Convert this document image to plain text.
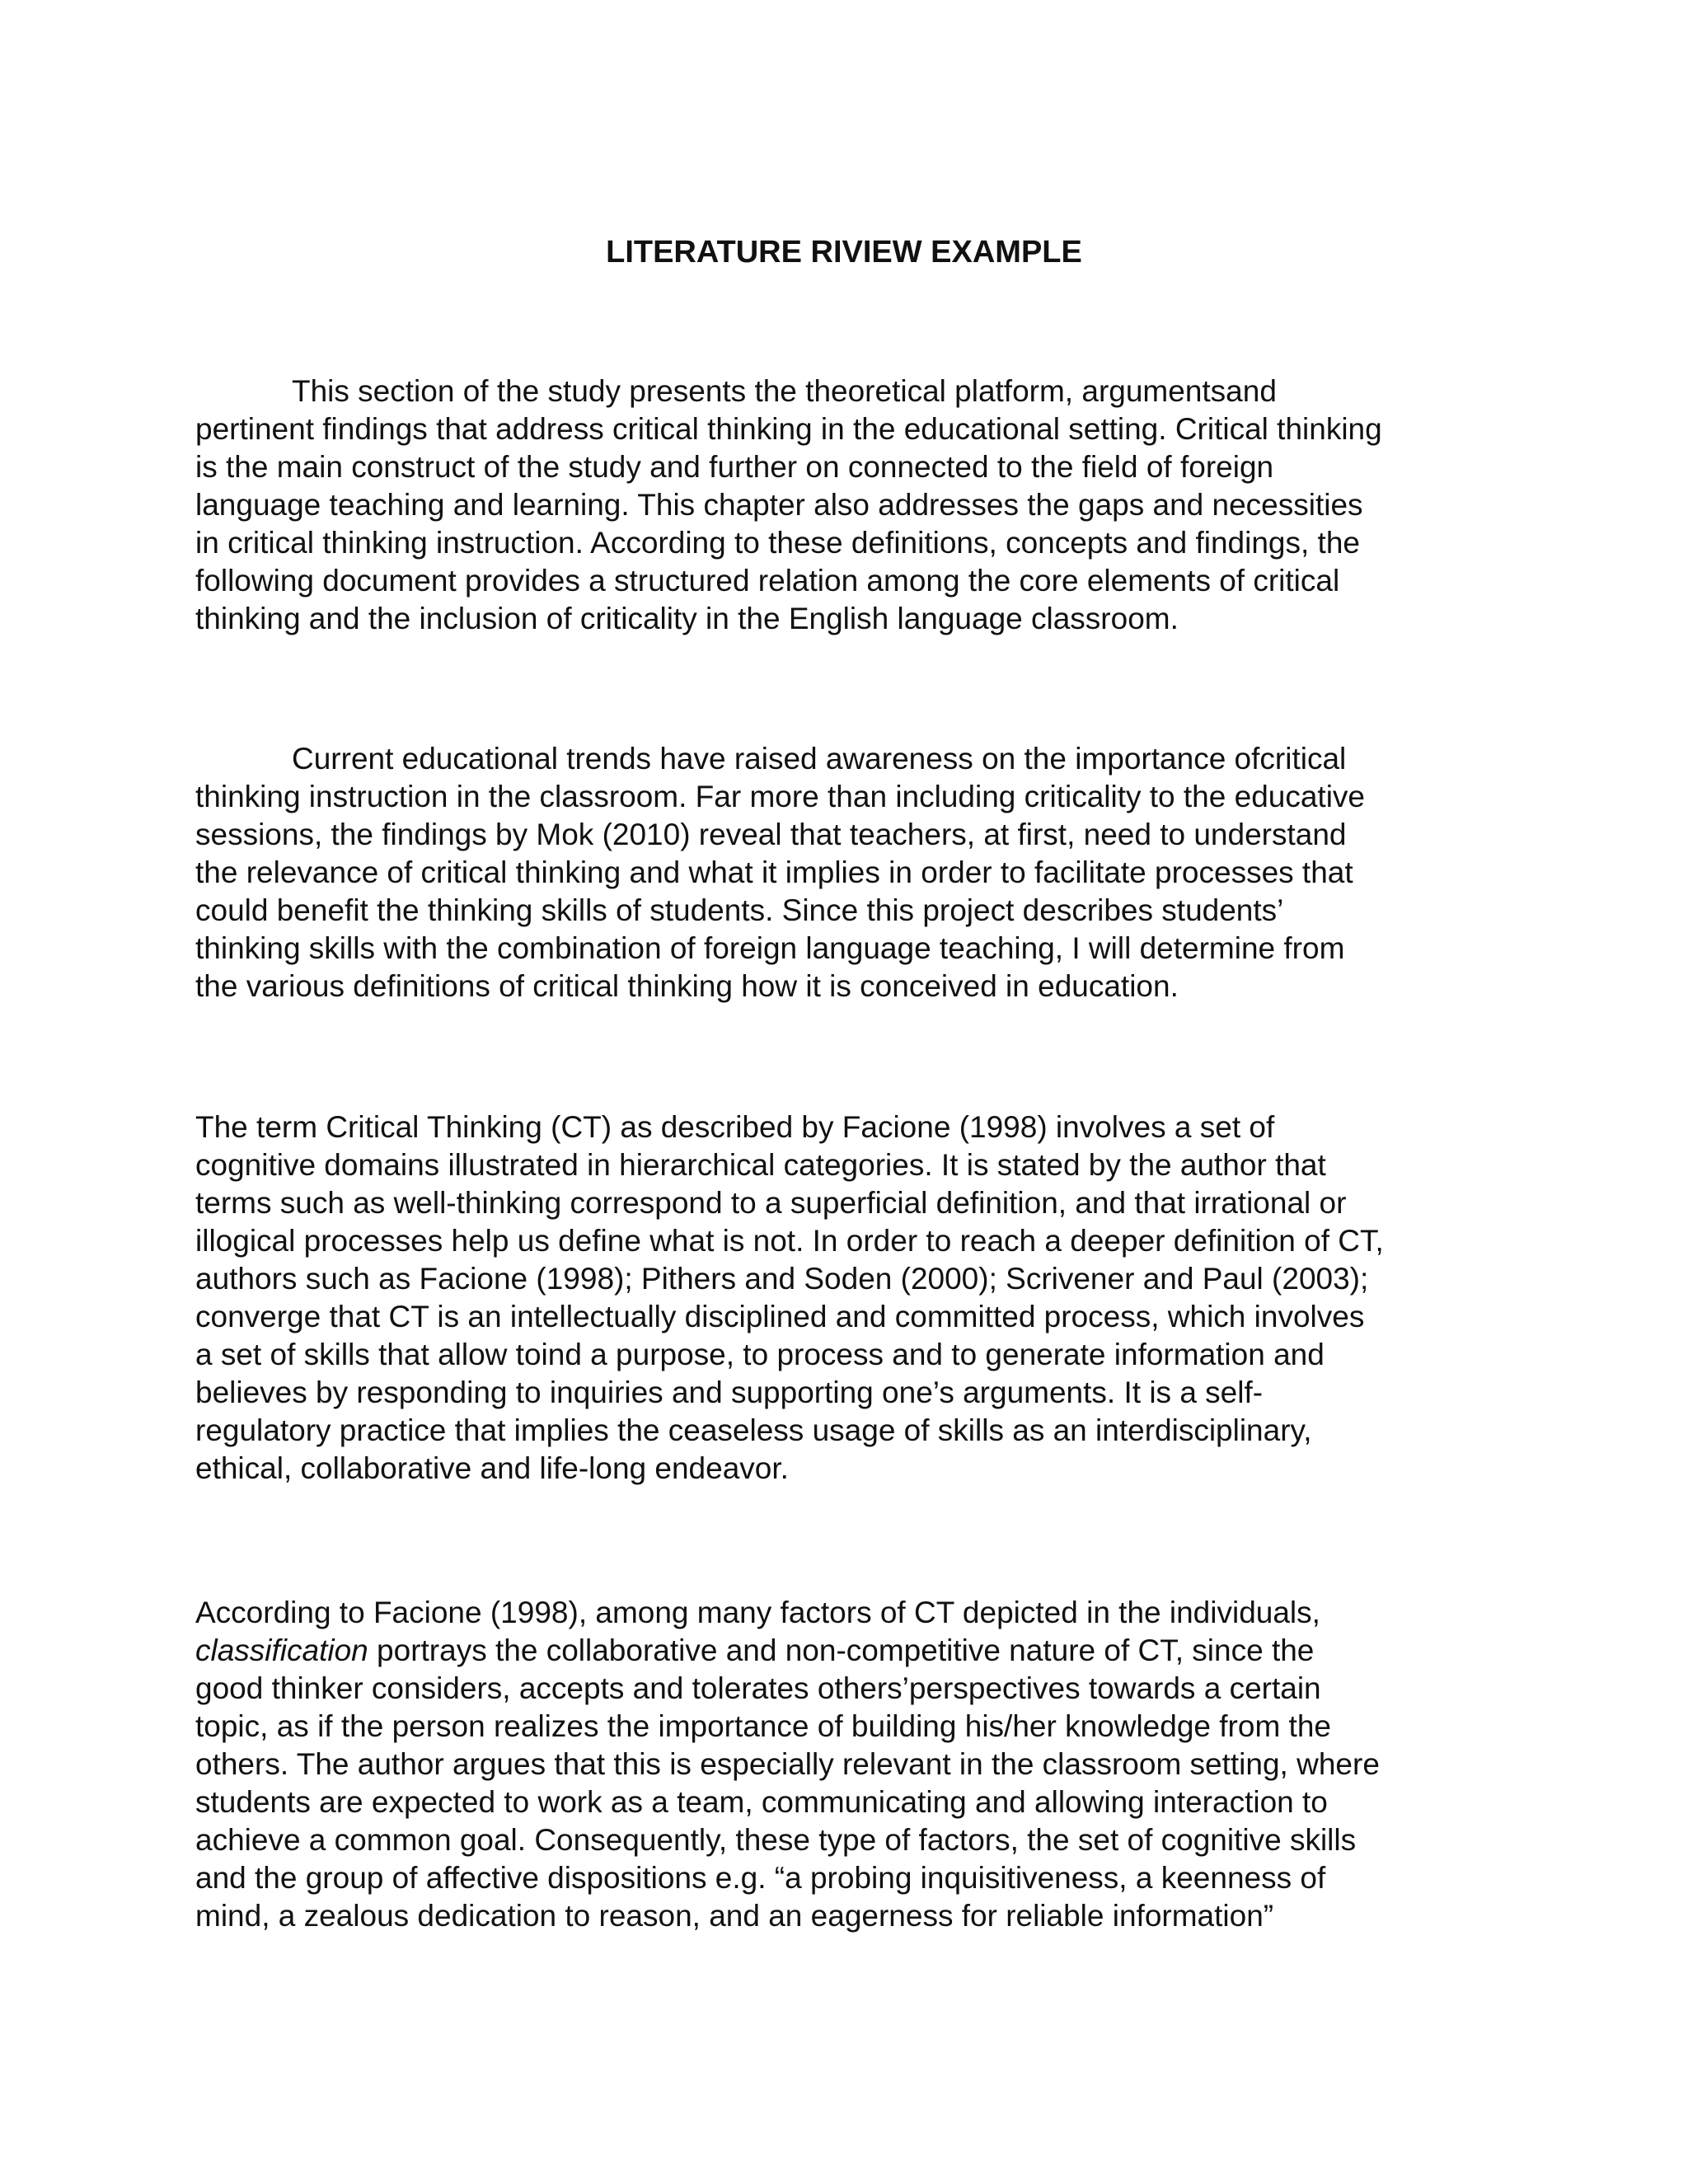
LITERATURE RIVIEW EXAMPLE
This section of the study presents the theoretical platform, argumentsand
pertinent findings that address critical thinking in the educational setting. Critical thinking
is the main construct of the study and further on connected to the field of foreign
language teaching and learning. This chapter also addresses the gaps and necessities
in critical thinking instruction. According to these definitions, concepts and findings, the
following document provides a structured relation among the core elements of critical
thinking and the inclusion of criticality in the English language classroom.
Current educational trends have raised awareness on the importance ofcritical
thinking instruction in the classroom. Far more than including criticality to the educative
sessions, the findings by Mok (2010) reveal that teachers, at first, need to understand
the relevance of critical thinking and what it implies in order to facilitate processes that
could benefit the thinking skills of students. Since this project describes students’
thinking skills with the combination of foreign language teaching, I will determine from
the various definitions of critical thinking how it is conceived in education.
The term Critical Thinking (CT) as described by Facione (1998) involves a set of
cognitive domains illustrated in hierarchical categories. It is stated by the author that
terms such as well-thinking correspond to a superficial definition, and that irrational or
illogical processes help us define what is not. In order to reach a deeper definition of CT,
authors such as Facione (1998); Pithers and Soden (2000); Scrivener and Paul (2003);
converge that CT is an intellectually disciplined and committed process, which involves
a set of skills that allow toind a purpose, to process and to generate information and
believes by responding to inquiries and supporting one’s arguments. It is a self-
regulatory practice that implies the ceaseless usage of skills as an interdisciplinary,
ethical, collaborative and life-long endeavor.
According to Facione (1998), among many factors of CT depicted in the individuals,
classification portrays the collaborative and non-competitive nature of CT, since the
good thinker considers, accepts and tolerates others’perspectives towards a certain
topic, as if the person realizes the importance of building his/her knowledge from the
others. The author argues that this is especially relevant in the classroom setting, where
students are expected to work as a team, communicating and allowing interaction to
achieve a common goal. Consequently, these type of factors, the set of cognitive skills
and the group of affective dispositions e.g. “a probing inquisitiveness, a keenness of
mind, a zealous dedication to reason, and an eagerness for reliable information”
